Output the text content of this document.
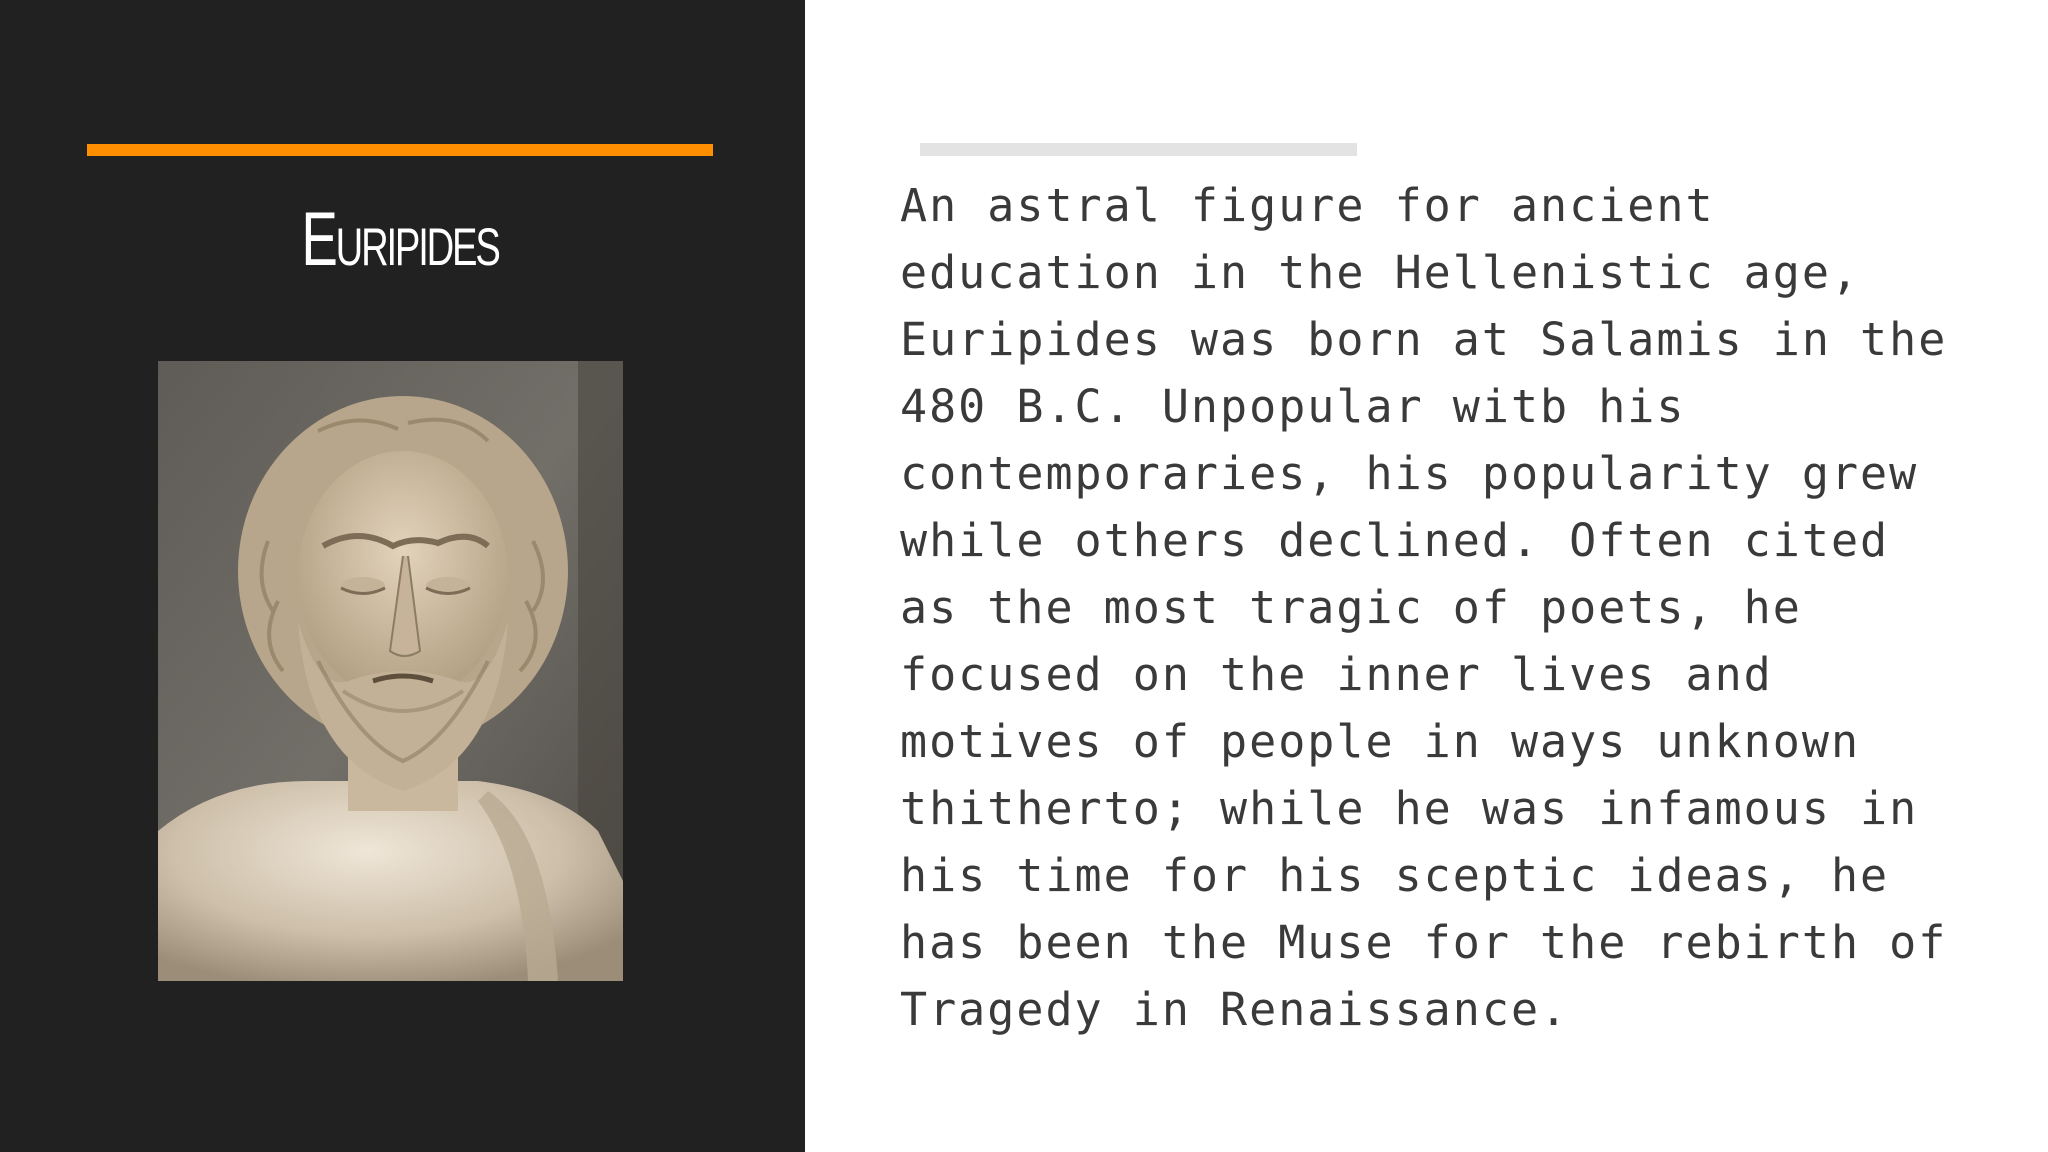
Euripides	An astral figure for ancient
education in the Hellenistic age,
Euripides was born at Salamis in the
480 B.C. Unpopular witb his
contemporaries, his popularity grew
while others declined. Often cited
as the most tragic of poets, he
focused on the inner lives and
motives of people in ways unknown
thitherto; while he was infamous in
his time for his sceptic ideas, he
has been the Muse for the rebirth of
Tragedy in Renaissance.
